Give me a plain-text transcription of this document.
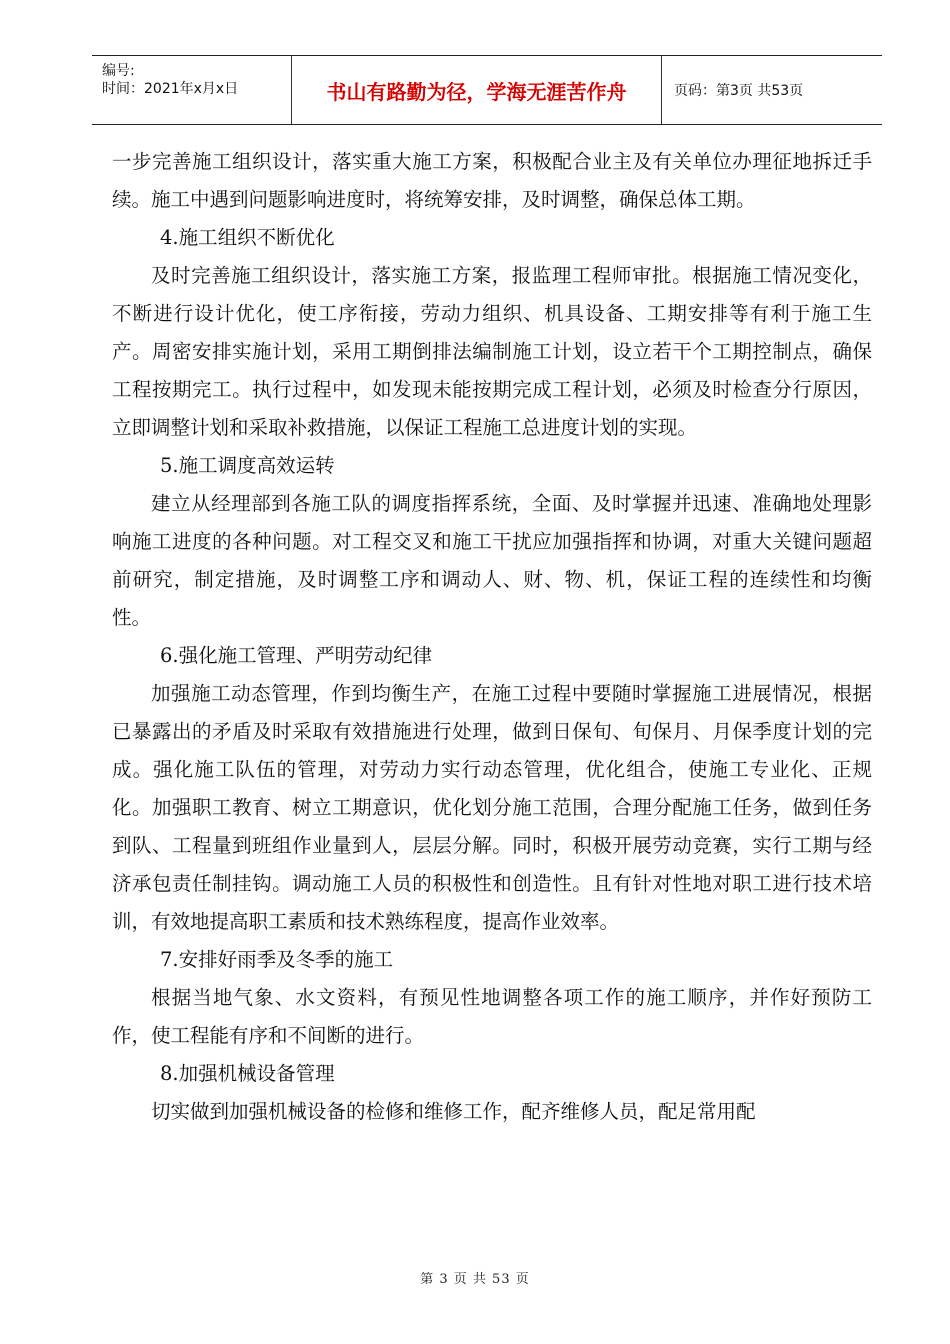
编号:
时间：2021年x月x日	书山有路勤为径，学海无涯苦作舟	页码：第3页 共53页

一步完善施工组织设计，落实重大施工方案，积极配合业主及有关单位办理征地拆迁手续。施工中遇到问题影响进度时，将统筹安排，及时调整，确保总体工期。

4.施工组织不断优化

及时完善施工组织设计，落实施工方案，报监理工程师审批。根据施工情况变化，不断进行设计优化，使工序衔接，劳动力组织、机具设备、工期安排等有利于施工生产。周密安排实施计划，采用工期倒排法编制施工计划，设立若干个工期控制点，确保工程按期完工。执行过程中，如发现未能按期完成工程计划，必须及时检查分行原因，立即调整计划和采取补救措施，以保证工程施工总进度计划的实现。

5.施工调度高效运转

建立从经理部到各施工队的调度指挥系统，全面、及时掌握并迅速、准确地处理影响施工进度的各种问题。对工程交叉和施工干扰应加强指挥和协调，对重大关键问题超前研究，制定措施，及时调整工序和调动人、财、物、机，保证工程的连续性和均衡性。

6.强化施工管理、严明劳动纪律

加强施工动态管理，作到均衡生产，在施工过程中要随时掌握施工进展情况，根据已暴露出的矛盾及时采取有效措施进行处理，做到日保旬、旬保月、月保季度计划的完成。强化施工队伍的管理，对劳动力实行动态管理，优化组合，使施工专业化、正规化。加强职工教育、树立工期意识，优化划分施工范围，合理分配施工任务，做到任务到队、工程量到班组作业量到人，层层分解。同时，积极开展劳动竞赛，实行工期与经济承包责任制挂钩。调动施工人员的积极性和创造性。且有针对性地对职工进行技术培训，有效地提高职工素质和技术熟练程度，提高作业效率。

7.安排好雨季及冬季的施工

根据当地气象、水文资料，有预见性地调整各项工作的施工顺序，并作好预防工作，使工程能有序和不间断的进行。

8.加强机械设备管理

切实做到加强机械设备的检修和维修工作，配齐维修人员，配足常用配

第 3 页 共 53 页
